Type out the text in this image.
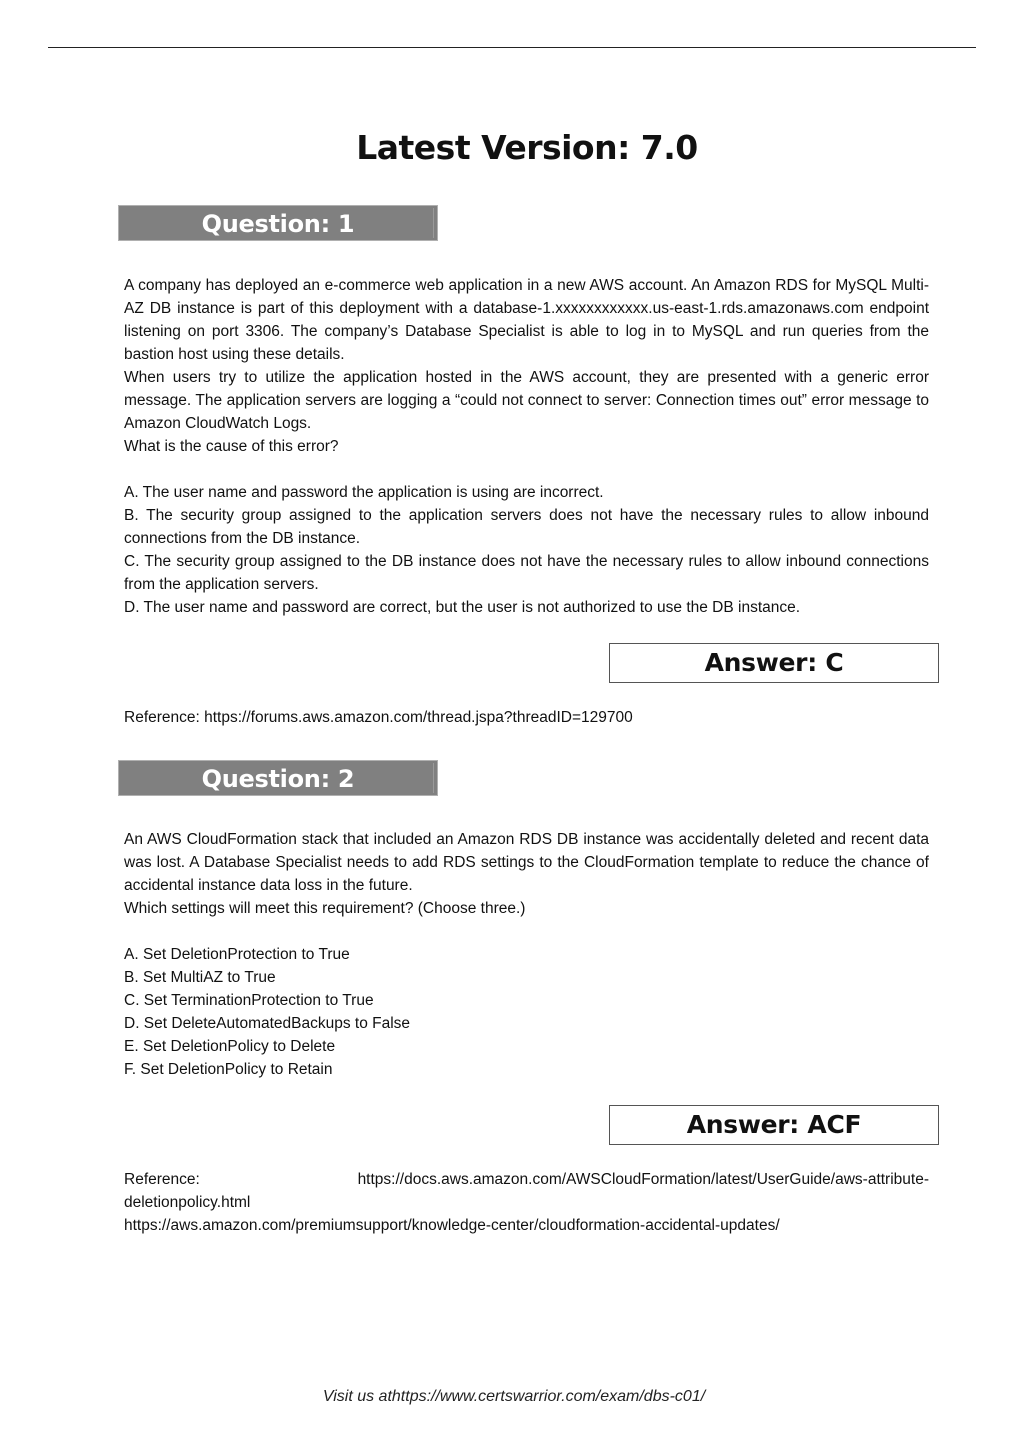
Latest Version: 7.0
Question: 1

A company has deployed an e-commerce web application in a new AWS account. An Amazon RDS for MySQL Multi-AZ DB instance is part of this deployment with a database-1.xxxxxxxxxxxx.us-east-1.rds.amazonaws.com endpoint listening on port 3306. The company’s Database Specialist is able to log in to MySQL and run queries from the bastion host using these details.

When users try to utilize the application hosted in the AWS account, they are presented with a generic error message. The application servers are logging a “could not connect to server: Connection times out” error message to Amazon CloudWatch Logs.

What is the cause of this error?

A. The user name and password the application is using are incorrect.

B. The security group assigned to the application servers does not have the necessary rules to allow inbound connections from the DB instance.

C. The security group assigned to the DB instance does not have the necessary rules to allow inbound connections from the application servers.

D. The user name and password are correct, but the user is not authorized to use the DB instance.

Answer: C
Reference: https://forums.aws.amazon.com/thread.jspa?threadID=129700
Question: 2

An AWS CloudFormation stack that included an Amazon RDS DB instance was accidentally deleted and recent data was lost. A Database Specialist needs to add RDS settings to the CloudFormation template to reduce the chance of accidental instance data loss in the future.

Which settings will meet this requirement? (Choose three.)

A. Set DeletionProtection to True

B. Set MultiAZ to True

C. Set TerminationProtection to True

D. Set DeleteAutomatedBackups to False

E. Set DeletionPolicy to Delete

F. Set DeletionPolicy to Retain

Answer: ACF
Reference:	https://docs.aws.amazon.com/AWSCloudFormation/latest/UserGuide/aws-attribute-
deletionpolicy.html
https://aws.amazon.com/premiumsupport/knowledge-center/cloudformation-accidental-updates/
Visit us athttps://www.certswarrior.com/exam/dbs-c01/
